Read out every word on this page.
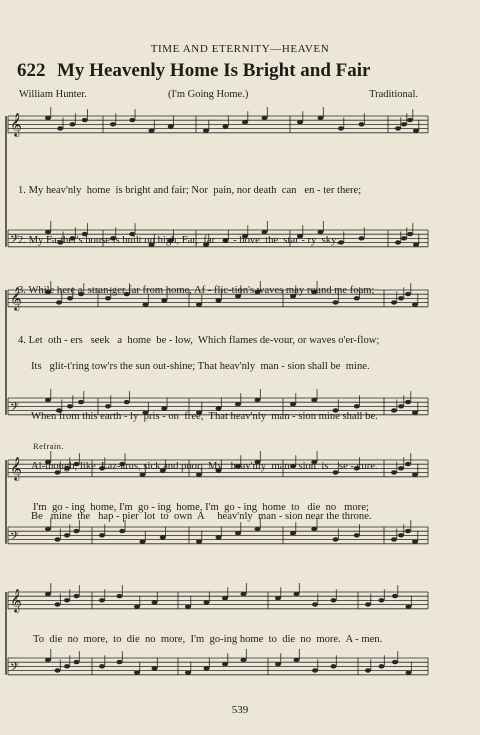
TIME AND ETERNITY—HEAVEN
622 My Heavenly Home Is Bright and Fair
William Hunter.	(I'm Going Home.)	Traditional.
𝄞
𝄢
𝄞
𝄢
𝄞
𝄢
𝄞
𝄢

1. My heav'nly  home  is bright and fair; Nor  pain, nor death  can   en - ter there;

2. My Fa-ther's house is built on high, Far,  far   a  - bove  the  star - ry  sky;

3. While here a  stran-ger far from home, Af - flic-tion's waves may round me foam;

4. Let  oth - ers   seek   a  home  be - low,  Which flames de-vour, or waves o'er-flow;

Its   glit-t'ring tow'rs the sun out-shine; That heav'nly  man - sion shall be  mine.

When from this earth - ly  pris - on  free,  That heav'nly  man - sion mine shall be.

Al-though, like  Laz-arus, sick and poor,  My   heav'nly  man - sion  is    se - cure.

Be   mine  the   hap - pier  lot  to  own  A     heav'nly  man - sion near the throne.

Refrain.
I'm  go - ing  home, I'm  go - ing  home, I'm  go - ing  home  to   die  no   more;
To  die  no  more,  to  die  no  more,  I'm  go-ing home  to  die  no  more.  A - men.
539
